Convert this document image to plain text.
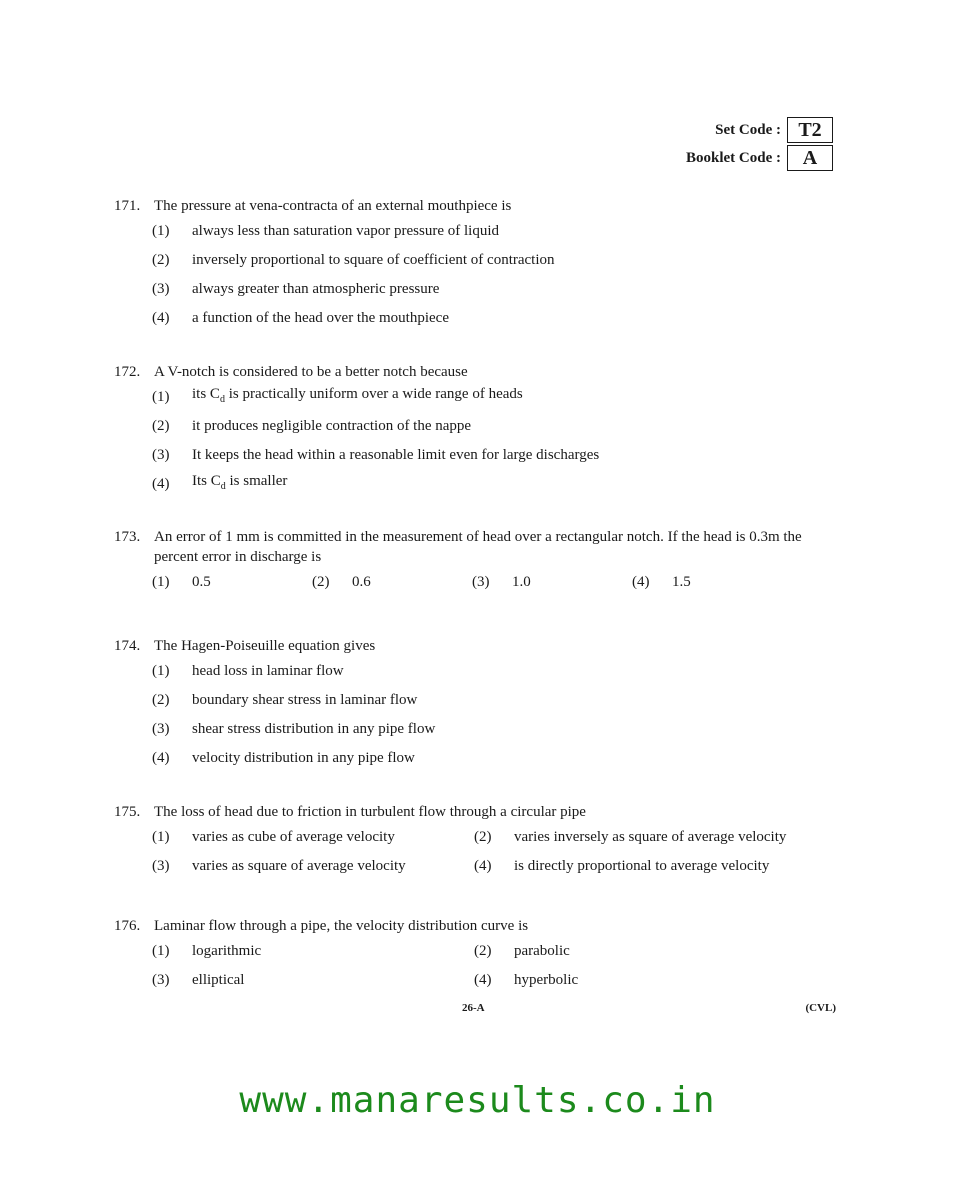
Set Code : T2
Booklet Code :	A
171. The pressure at vena-contracta of an external mouthpiece is
(1)	always less than saturation vapor pressure of liquid
(2)	inversely proportional to square of coefficient of contraction
(3)	always greater than atmospheric pressure
(4)	a function of the head over the mouthpiece
172. A V-notch is considered to be a better notch because
(1)	its $C_d$ is practically uniform over a wide range of heads
(2)	it produces negligible contraction of the nappe
(3)	It keeps the head within a reasonable limit even for large discharges
(4)	Its $C_d$ is smaller
173. An error of 1 mm is committed in the measurement of head over a rectangular notch. If the head is 0.3m the percent error in discharge is
(1)	0.5	(2)	0.6	(3)	1.0	(4)	1.5
174. The Hagen-Poiseuille equation gives
(1)	head loss in laminar flow
(2)	boundary shear stress in laminar flow
(3)	shear stress distribution in any pipe flow
(4)	velocity distribution in any pipe flow
175. The loss of head due to friction in turbulent flow through a circular pipe
(1)	varies as cube of average velocity	(2)	varies inversely as square of average velocity
(3)	varies as square of average velocity	(4)	is directly proportional to average velocity
176. Laminar flow through a pipe, the velocity distribution curve is
(1)	logarithmic	(2)	parabolic
(3)	elliptical	(4)	hyperbolic
26-A	(CVL)
www.manaresults.co.in
